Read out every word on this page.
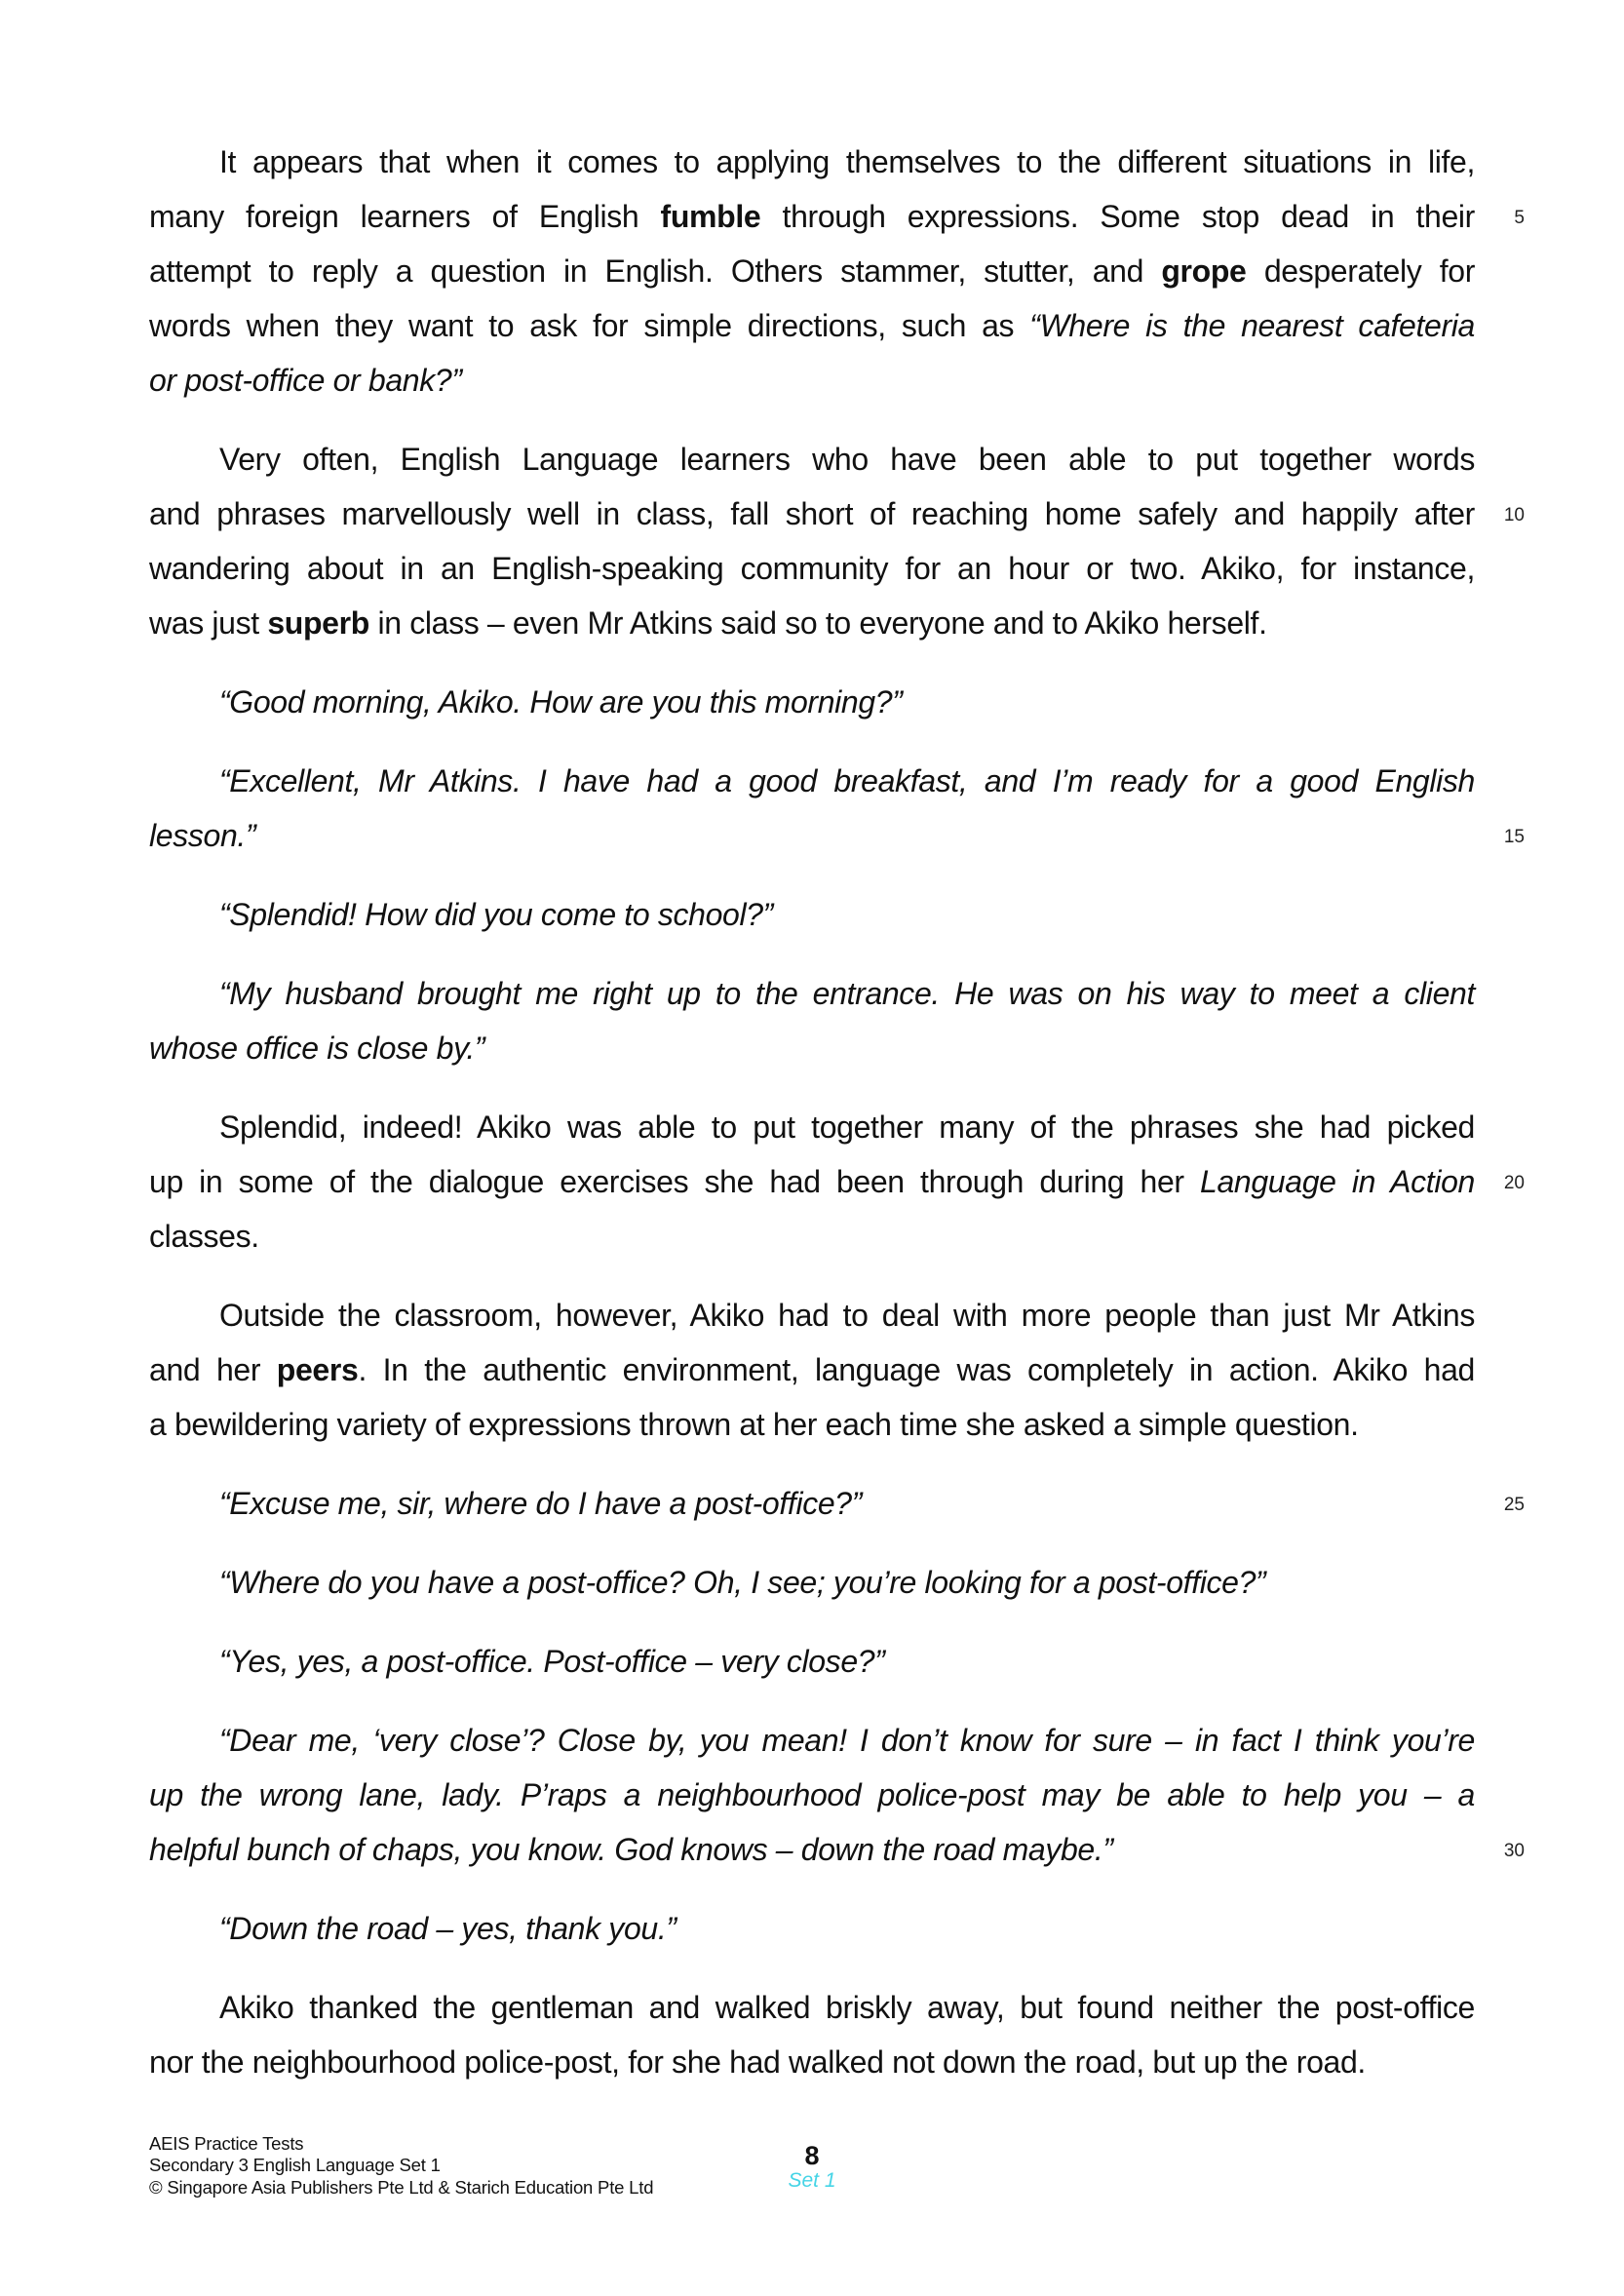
It appears that when it comes to applying themselves to the different situations in life,
many foreign learners of English fumble through expressions. Some stop dead in their
attempt to reply a question in English. Others stammer, stutter, and grope desperately for
words when they want to ask for simple directions, such as “Where is the nearest cafeteria
or post-office or bank?”
Very often, English Language learners who have been able to put together words
and phrases marvellously well in class, fall short of reaching home safely and happily after
wandering about in an English-speaking community for an hour or two. Akiko, for instance,
was just superb in class – even Mr Atkins said so to everyone and to Akiko herself.
“Good morning, Akiko. How are you this morning?”
“Excellent, Mr Atkins. I have had a good breakfast, and I’m ready for a good English
lesson.”
“Splendid! How did you come to school?”
“My husband brought me right up to the entrance. He was on his way to meet a client
whose office is close by.”
Splendid, indeed! Akiko was able to put together many of the phrases she had picked
up in some of the dialogue exercises she had been through during her Language in Action
classes.
Outside the classroom, however, Akiko had to deal with more people than just Mr Atkins
and her peers. In the authentic environment, language was completely in action. Akiko had
a bewildering variety of expressions thrown at her each time she asked a simple question.
“Excuse me, sir, where do I have a post-office?”
“Where do you have a post-office? Oh, I see; you’re looking for a post-office?”
“Yes, yes, a post-office. Post-office – very close?”
“Dear me, ‘very close’? Close by, you mean! I don’t know for sure – in fact I think you’re
up the wrong lane, lady. P’raps a neighbourhood police-post may be able to help you – a
helpful bunch of chaps, you know. God knows – down the road maybe.”
“Down the road – yes, thank you.”
Akiko thanked the gentleman and walked briskly away, but found neither the post-office
nor the neighbourhood police-post, for she had walked not down the road, but up the road.
5
10
15
20
25
30
AEIS Practice Tests
Secondary 3 English Language Set 1
© Singapore Asia Publishers Pte Ltd & Starich Education Pte Ltd
8
Set 1
